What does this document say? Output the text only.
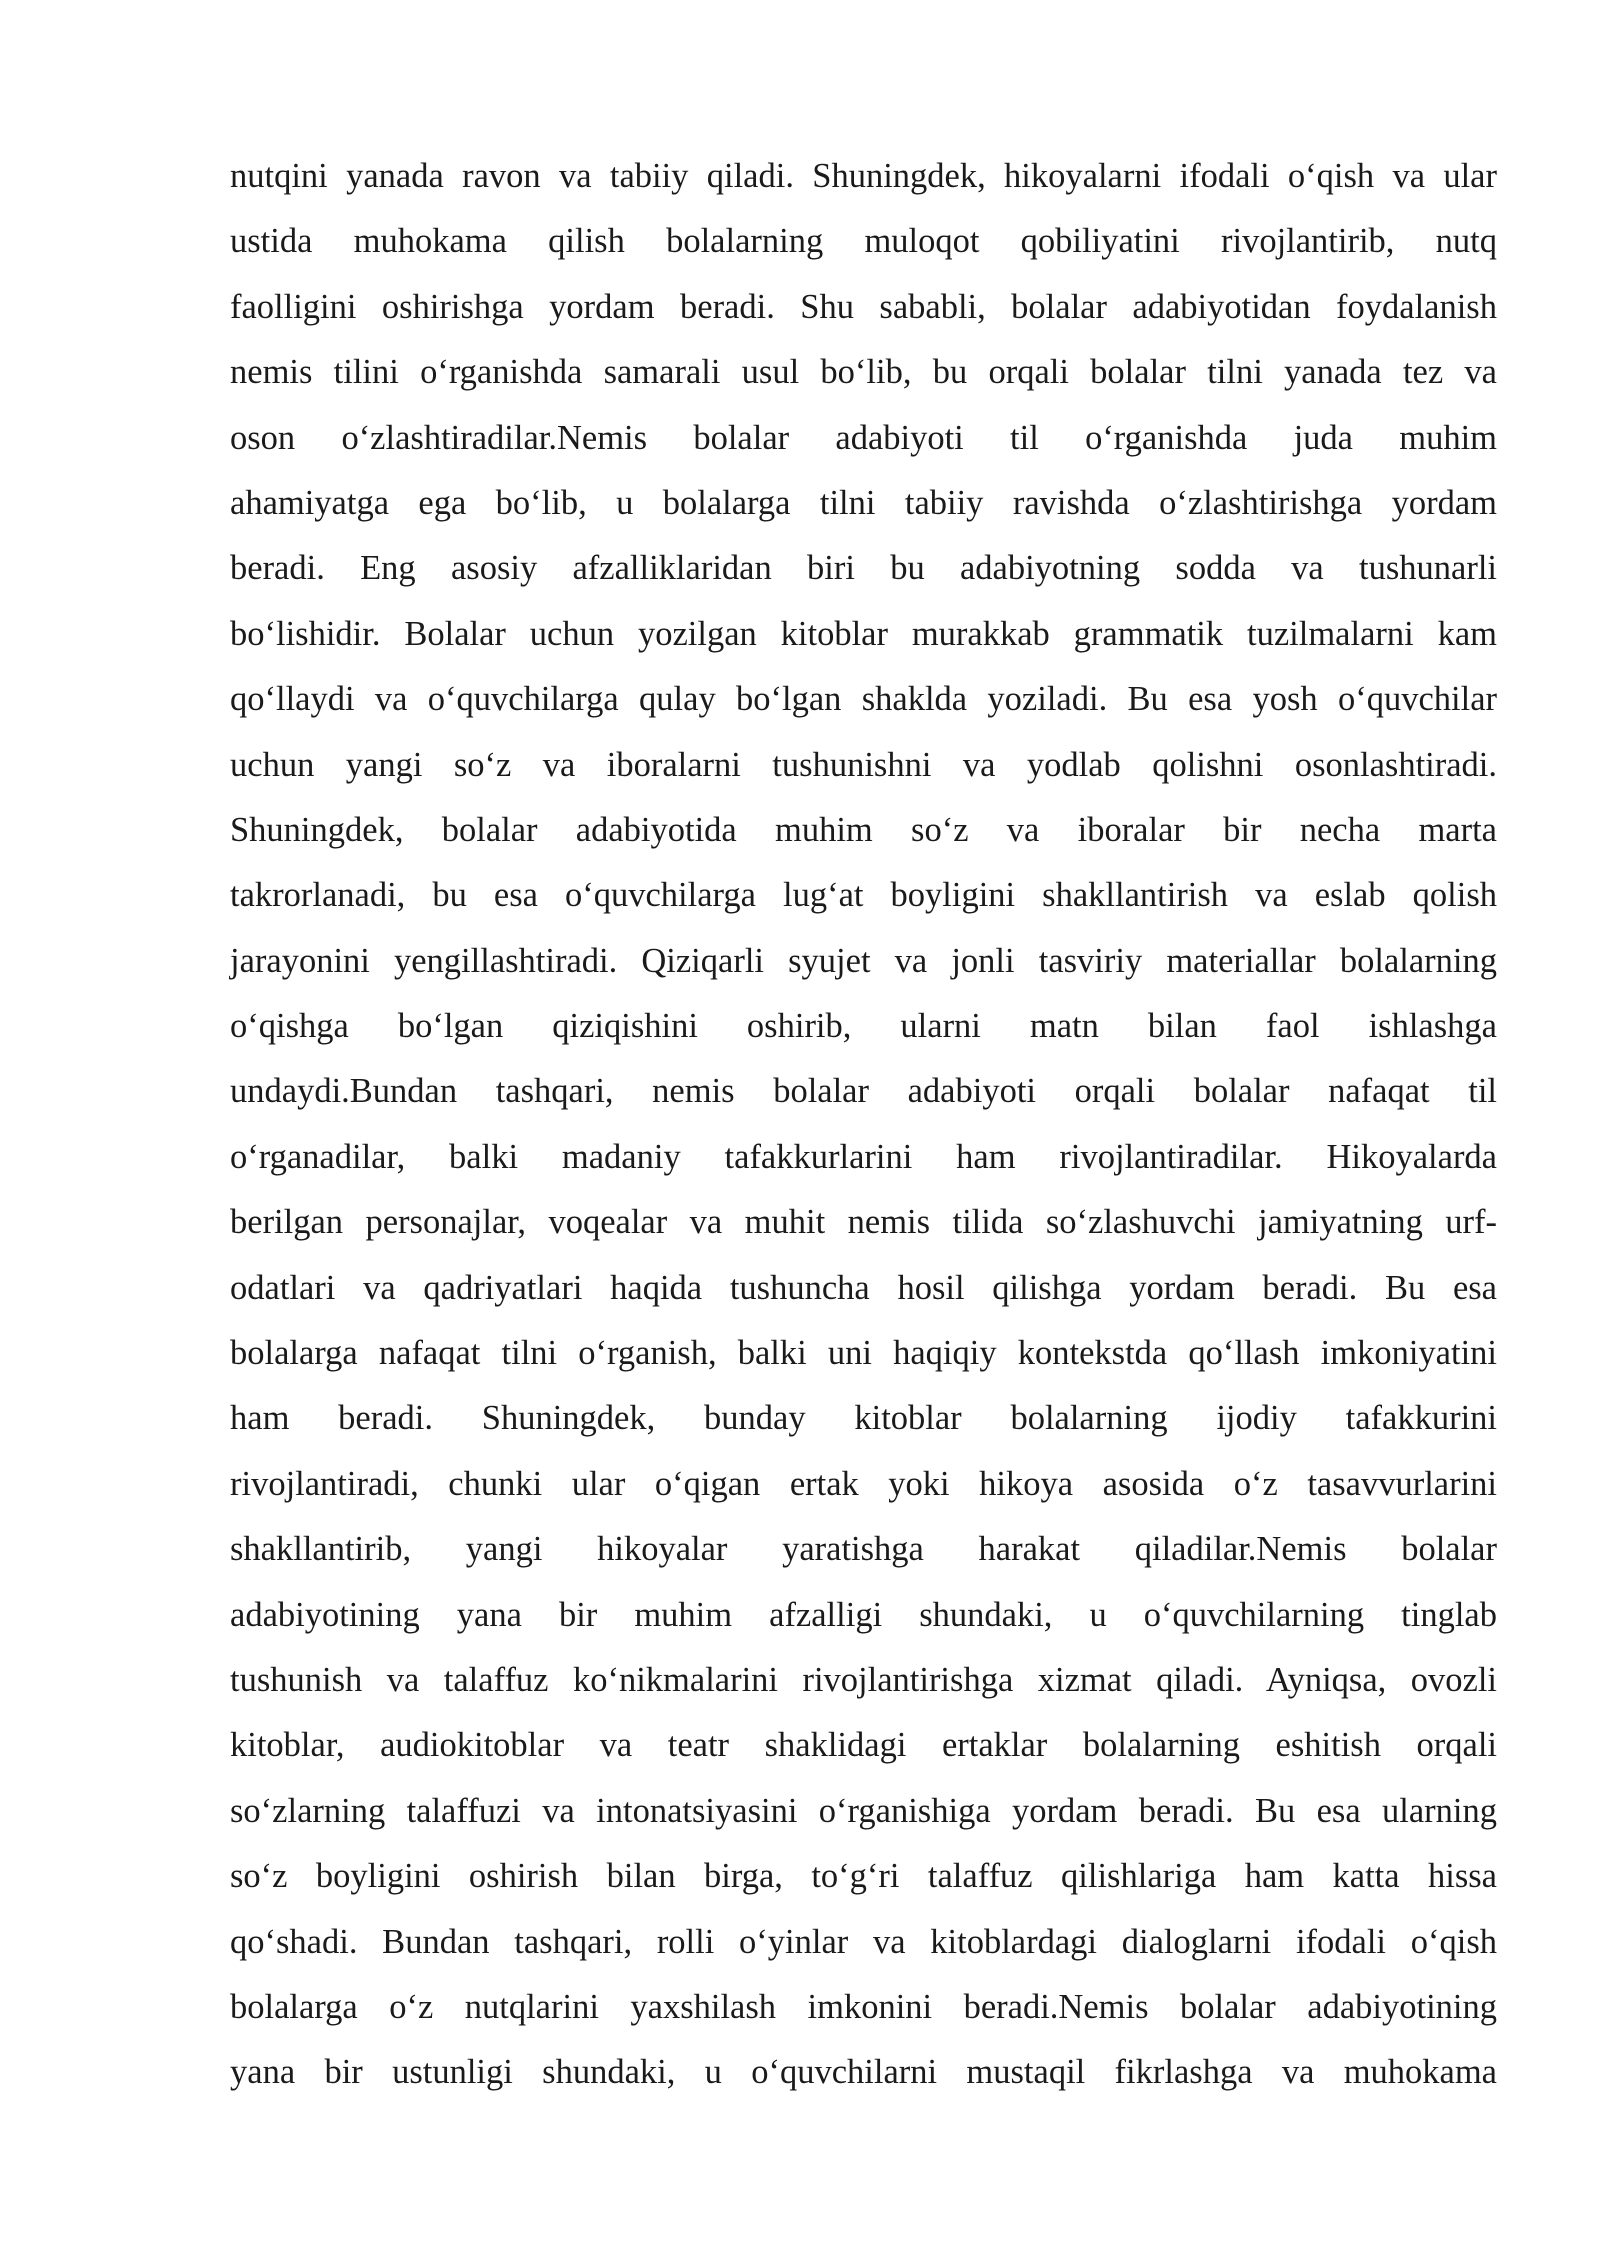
nutqini yanada ravon va tabiiy qiladi. Shuningdek, hikoyalarni ifodali oʻqish va ular
ustida muhokama qilish bolalarning muloqot qobiliyatini rivojlantirib, nutq
faolligini oshirishga yordam beradi. Shu sababli, bolalar adabiyotidan foydalanish
nemis tilini oʻrganishda samarali usul boʻlib, bu orqali bolalar tilni yanada tez va
oson oʻzlashtiradilar.Nemis bolalar adabiyoti til oʻrganishda juda muhim
ahamiyatga ega boʻlib, u bolalarga tilni tabiiy ravishda oʻzlashtirishga yordam
beradi. Eng asosiy afzalliklaridan biri bu adabiyotning sodda va tushunarli
boʻlishidir. Bolalar uchun yozilgan kitoblar murakkab grammatik tuzilmalarni kam
qoʻllaydi va oʻquvchilarga qulay boʻlgan shaklda yoziladi. Bu esa yosh oʻquvchilar
uchun yangi soʻz va iboralarni tushunishni va yodlab qolishni osonlashtiradi.
Shuningdek, bolalar adabiyotida muhim soʻz va iboralar bir necha marta
takrorlanadi, bu esa oʻquvchilarga lugʻat boyligini shakllantirish va eslab qolish
jarayonini yengillashtiradi. Qiziqarli syujet va jonli tasviriy materiallar bolalarning
oʻqishga boʻlgan qiziqishini oshirib, ularni matn bilan faol ishlashga
undaydi.Bundan tashqari, nemis bolalar adabiyoti orqali bolalar nafaqat til
oʻrganadilar, balki madaniy tafakkurlarini ham rivojlantiradilar. Hikoyalarda
berilgan personajlar, voqealar va muhit nemis tilida soʻzlashuvchi jamiyatning urf-
odatlari va qadriyatlari haqida tushuncha hosil qilishga yordam beradi. Bu esa
bolalarga nafaqat tilni oʻrganish, balki uni haqiqiy kontekstda qoʻllash imkoniyatini
ham beradi. Shuningdek, bunday kitoblar bolalarning ijodiy tafakkurini
rivojlantiradi, chunki ular oʻqigan ertak yoki hikoya asosida oʻz tasavvurlarini
shakllantirib, yangi hikoyalar yaratishga harakat qiladilar.Nemis bolalar
adabiyotining yana bir muhim afzalligi shundaki, u oʻquvchilarning tinglab
tushunish va talaffuz koʻnikmalarini rivojlantirishga xizmat qiladi. Ayniqsa, ovozli
kitoblar, audiokitoblar va teatr shaklidagi ertaklar bolalarning eshitish orqali
soʻzlarning talaffuzi va intonatsiyasini oʻrganishiga yordam beradi. Bu esa ularning
soʻz boyligini oshirish bilan birga, toʻgʻri talaffuz qilishlariga ham katta hissa
qoʻshadi. Bundan tashqari, rolli oʻyinlar va kitoblardagi dialoglarni ifodali oʻqish
bolalarga oʻz nutqlarini yaxshilash imkonini beradi.Nemis bolalar adabiyotining
yana bir ustunligi shundaki, u oʻquvchilarni mustaqil fikrlashga va muhokama
